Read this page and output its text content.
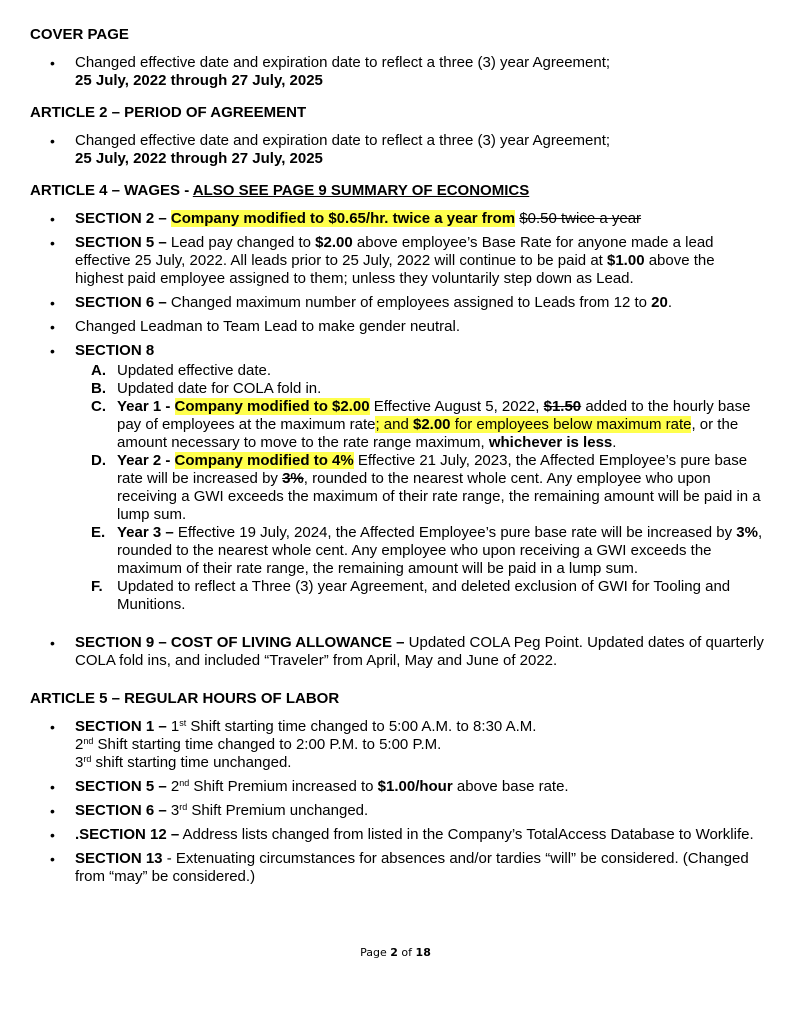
COVER PAGE
• Changed effective date and expiration date to reflect a three (3) year Agreement;
25 July, 2022 through 27 July, 2025
ARTICLE 2 – PERIOD OF AGREEMENT
• Changed effective date and expiration date to reflect a three (3) year Agreement;
25 July, 2022 through 27 July, 2025
ARTICLE 4 – WAGES - ALSO SEE PAGE 9 SUMMARY OF ECONOMICS
• SECTION 2 – Company modified to $0.65/hr. twice a year from $0.50 twice a year
• SECTION 5 – Lead pay changed to $2.00 above employee’s Base Rate for anyone made a lead effective 25 July, 2022. All leads prior to 25 July, 2022 will continue to be paid at $1.00 above the highest paid employee assigned to them; unless they voluntarily step down as Lead.
• SECTION 6 – Changed maximum number of employees assigned to Leads from 12 to 20.
• Changed Leadman to Team Lead to make gender neutral.
• SECTION 8
A. Updated effective date.
B. Updated date for COLA fold in.
C. Year 1 - Company modified to $2.00 Effective August 5, 2022, $1.50 added to the hourly base pay of employees at the maximum rate; and $2.00 for employees below maximum rate, or the amount necessary to move to the rate range maximum, whichever is less.
D. Year 2 - Company modified to 4% Effective 21 July, 2023, the Affected Employee’s pure base rate will be increased by 3%, rounded to the nearest whole cent. Any employee who upon receiving a GWI exceeds the maximum of their rate range, the remaining amount will be paid in a lump sum.
E. Year 3 – Effective 19 July, 2024, the Affected Employee’s pure base rate will be increased by 3%, rounded to the nearest whole cent. Any employee who upon receiving a GWI exceeds the maximum of their rate range, the remaining amount will be paid in a lump sum.
F. Updated to reflect a Three (3) year Agreement, and deleted exclusion of GWI for Tooling and Munitions.
• SECTION 9 – COST OF LIVING ALLOWANCE – Updated COLA Peg Point. Updated dates of quarterly COLA fold ins, and included “Traveler” from April, May and June of 2022.
ARTICLE 5 – REGULAR HOURS OF LABOR
• SECTION 1 – 1st Shift starting time changed to 5:00 A.M. to 8:30 A.M.
2nd Shift starting time changed to 2:00 P.M. to 5:00 P.M.
3rd shift starting time unchanged.
• SECTION 5 – 2nd Shift Premium increased to $1.00/hour above base rate.
• SECTION 6 – 3rd Shift Premium unchanged.
• .SECTION 12 – Address lists changed from listed in the Company’s TotalAccess Database to Worklife.
• SECTION 13 - Extenuating circumstances for absences and/or tardies “will” be considered. (Changed from “may” be considered.)
Page 2 of 18
